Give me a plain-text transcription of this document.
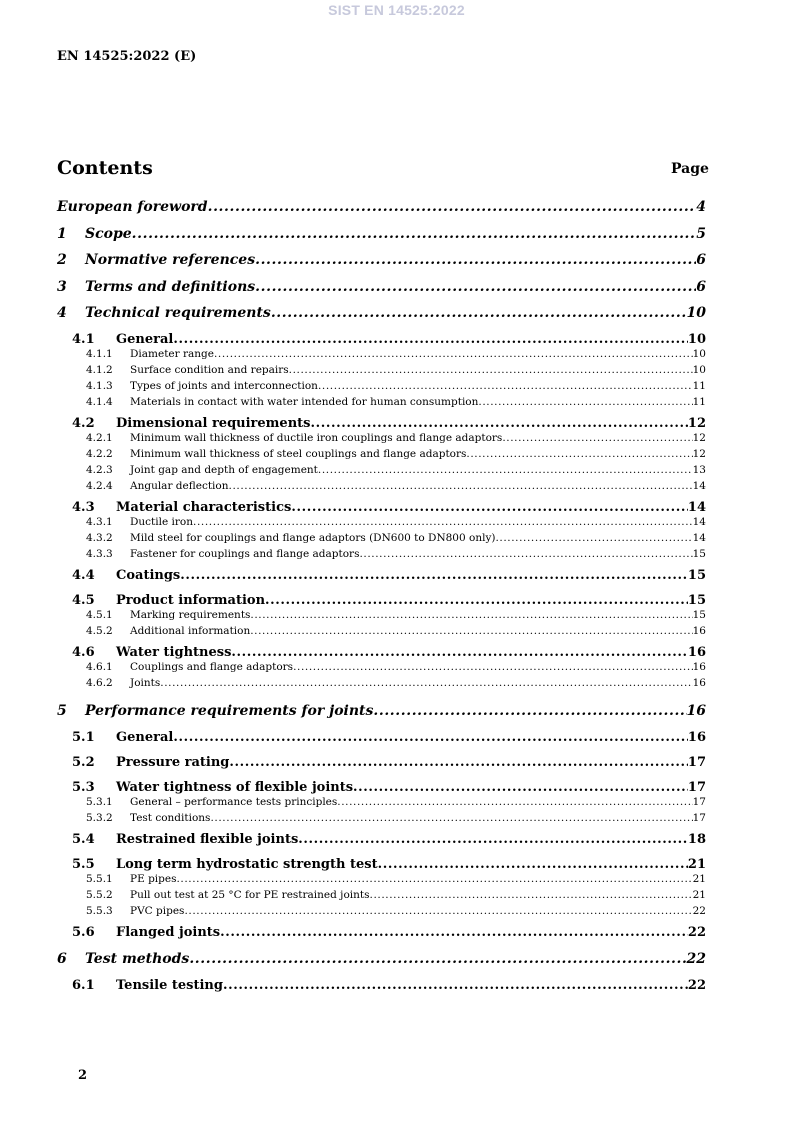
SIST EN 14525:2022
EN 14525:2022 (E)
Contents	Page
European foreword .....	4
1	Scope .....	5
2	Normative references .....	6
3	Terms and definitions .....	6
4	Technical requirements .....	10
4.1	General .....	10
4.1.1	Diameter range .....	10
4.1.2	Surface condition and repairs .....	10
4.1.3	Types of joints and interconnection .....	11
4.1.4	Materials in contact with water intended for human consumption .....	11
4.2	Dimensional requirements .....	12
4.2.1	Minimum wall thickness of ductile iron couplings and flange adaptors .....	12
4.2.2	Minimum wall thickness of steel couplings and flange adaptors .....	12
4.2.3	Joint gap and depth of engagement .....	13
4.2.4	Angular deflection .....	14
4.3	Material characteristics .....	14
4.3.1	Ductile iron .....	14
4.3.2	Mild steel for couplings and flange adaptors (DN600 to DN800 only) .....	14
4.3.3	Fastener for couplings and flange adaptors .....	15
4.4	Coatings .....	15
4.5	Product information .....	15
4.5.1	Marking requirements .....	15
4.5.2	Additional information .....	16
4.6	Water tightness .....	16
4.6.1	Couplings and flange adaptors .....	16
4.6.2	Joints .....	16
5	Performance requirements for joints .....	16
5.1	General .....	16
5.2	Pressure rating .....	17
5.3	Water tightness of flexible joints .....	17
5.3.1	General – performance tests principles .....	17
5.3.2	Test conditions .....	17
5.4	Restrained flexible joints .....	18
5.5	Long term hydrostatic strength test .....	21
5.5.1	PE pipes .....	21
5.5.2	Pull out test at 25 °C for PE restrained joints .....	21
5.5.3	PVC pipes .....	22
5.6	Flanged joints .....	22
6	Test methods .....	22
6.1	Tensile testing .....	22
2
